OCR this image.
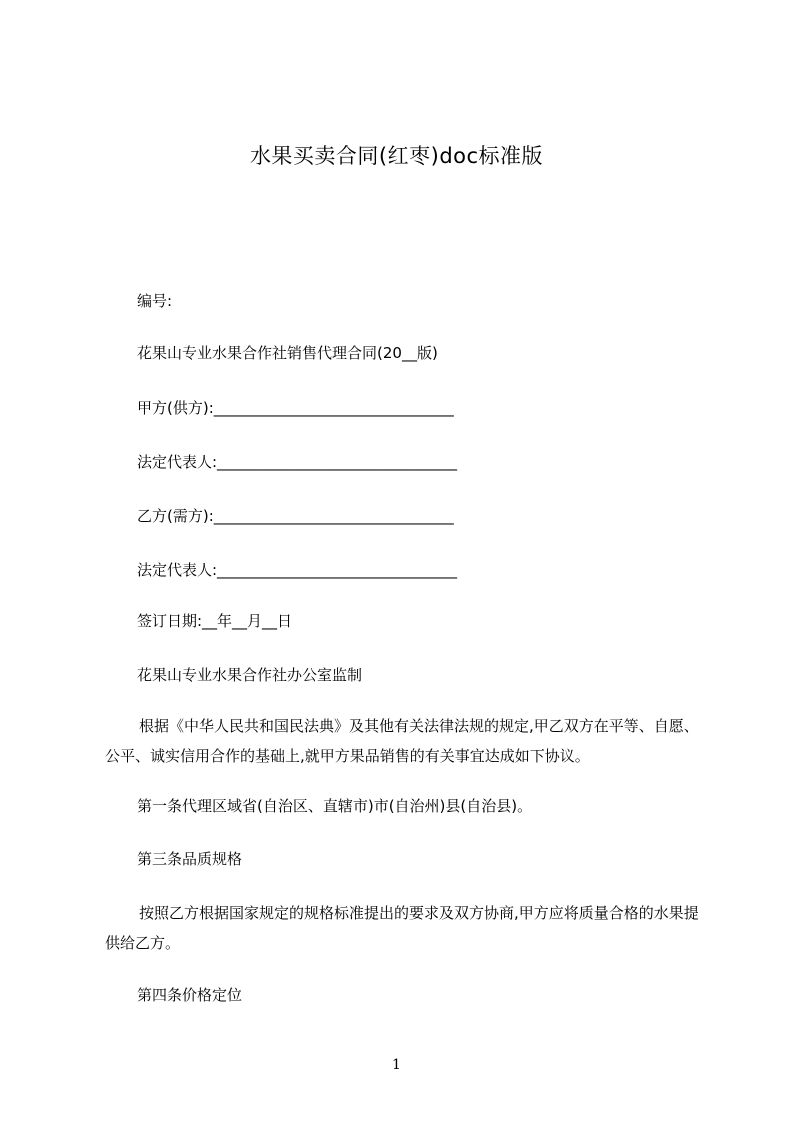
水果买卖合同(红枣)doc标准版
编号:
花果山专业水果合作社销售代理合同(20__版)
甲方(供方):________________________________
法定代表人:________________________________
乙方(需方):________________________________
法定代表人:________________________________
签订日期:__年__月__日
花果山专业水果合作社办公室监制
根据《中华人民共和国民法典》及其他有关法律法规的规定,甲乙双方在平等、自愿、公平、诚实信用合作的基础上,就甲方果品销售的有关事宜达成如下协议。
第一条代理区域省(自治区、直辖市)市(自治州)县(自治县)。
第三条品质规格
按照乙方根据国家规定的规格标准提出的要求及双方协商,甲方应将质量合格的水果提供给乙方。
第四条价格定位
1
